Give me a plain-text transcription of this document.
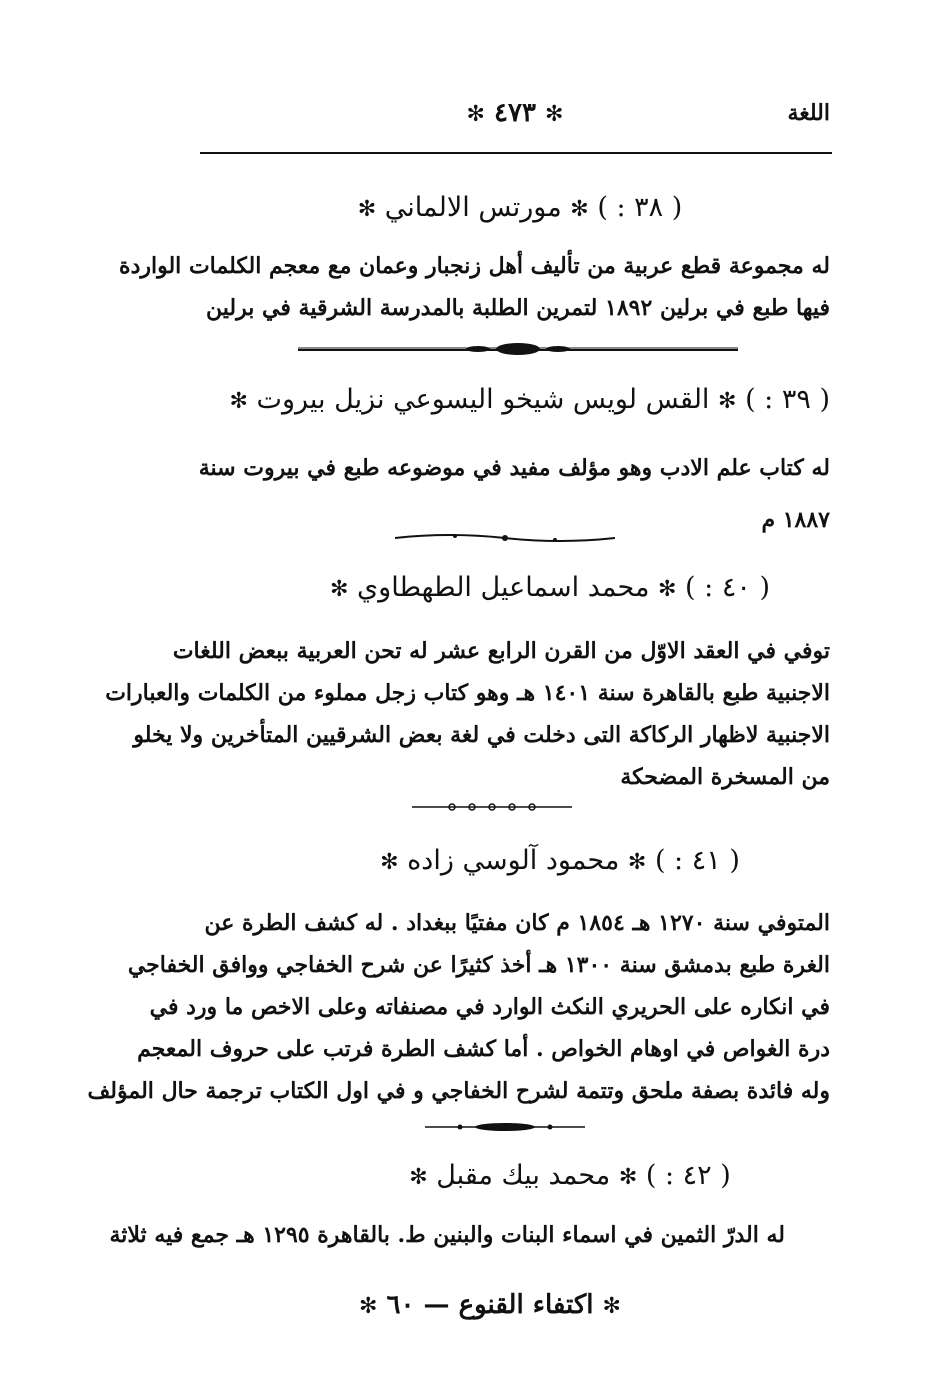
اللغة
✻ ٤٧٣ ✻
( ٣٨ : ) ✻ مورتس الالماني ✻
له مجموعة قطع عربية من تأليف أهل زنجبار وعمان مع معجم الكلمات الواردة
فيها طبع في برلين ١٨٩٢ لتمرين الطلبة بالمدرسة الشرقية في برلين
( ٣٩ : ) ✻ القس لويس شيخو اليسوعي نزيل بيروت ✻
له كتاب علم الادب وهو مؤلف مفيد في موضوعه طبع في بيروت سنة
١٨٨٧ م
( ٤٠ : ) ✻ محمد اسماعيل الطهطاوي ✻
توفي في العقد الاوّل من القرن الرابع عشر له تحن العربية ببعض اللغات
الاجنبية طبع بالقاهرة سنة ١٤٠١ هـ وهو كتاب زجل مملوء من الكلمات والعبارات
الاجنبية لاظهار الركاكة التى دخلت في لغة بعض الشرقيين المتأخرين ولا يخلو
من المسخرة المضحكة
( ٤١ : ) ✻ محمود آلوسي زاده ✻
المتوفي سنة ١٢٧٠ هـ ١٨٥٤ م كان مفتيًا ببغداد . له كشف الطرة عن
الغرة طبع بدمشق سنة ١٣٠٠ هـ أخذ كثيرًا عن شرح الخفاجي ووافق الخفاجي
في انكاره على الحريري النكث الوارد في مصنفاته وعلى الاخص ما ورد في
درة الغواص في اوهام الخواص . أما كشف الطرة فرتب على حروف المعجم
وله فائدة بصفة ملحق وتتمة لشرح الخفاجي و في اول الكتاب ترجمة حال المؤلف
( ٤٢ : ) ✻ محمد بيك مقبل ✻
له الدرّ الثمين في اسماء البنات والبنين ط. بالقاهرة ١٢٩٥ هـ جمع فيه ثلاثة
✻ اكتفاء القنوع — ٦٠ ✻
